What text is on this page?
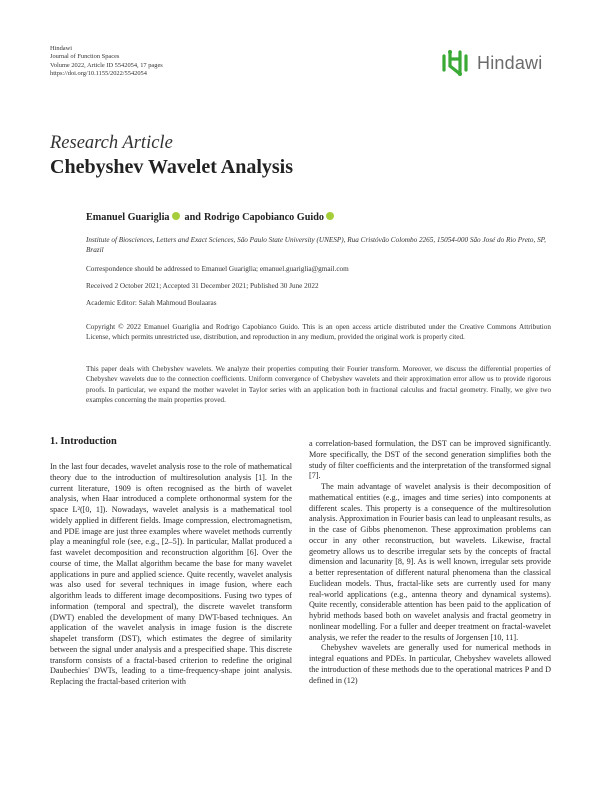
Hindawi
Journal of Function Spaces
Volume 2022, Article ID 5542054, 17 pages
https://doi.org/10.1155/2022/5542054
Hindawi
Research Article
Chebyshev Wavelet Analysis
Emanuel Guariglia and Rodrigo Capobianco Guido
Institute of Biosciences, Letters and Exact Sciences, São Paulo State University (UNESP), Rua Cristóvão Colombo 2265, 15054-000 São José do Rio Preto, SP, Brazil
Correspondence should be addressed to Emanuel Guariglia; emanuel.guariglia@gmail.com
Received 2 October 2021; Accepted 31 December 2021; Published 30 June 2022
Academic Editor: Salah Mahmoud Boulaaras
Copyright © 2022 Emanuel Guariglia and Rodrigo Capobianco Guido. This is an open access article distributed under the Creative Commons Attribution License, which permits unrestricted use, distribution, and reproduction in any medium, provided the original work is properly cited.
This paper deals with Chebyshev wavelets. We analyze their properties computing their Fourier transform. Moreover, we discuss the differential properties of Chebyshev wavelets due to the connection coefficients. Uniform convergence of Chebyshev wavelets and their approximation error allow us to provide rigorous proofs. In particular, we expand the mother wavelet in Taylor series with an application both in fractional calculus and fractal geometry. Finally, we give two examples concerning the main properties proved.
1. Introduction

In the last four decades, wavelet analysis rose to the role of mathematical theory due to the introduction of multiresolution analysis [1]. In the current literature, 1909 is often recognised as the birth of wavelet analysis, when Haar introduced a complete orthonormal system for the space L²([0, 1]). Nowadays, wavelet analysis is a mathematical tool widely applied in different fields. Image compression, electromagnetism, and PDE image are just three examples where wavelet methods currently play a meaningful role (see, e.g., [2–5]). In particular, Mallat produced a fast wavelet decomposition and reconstruction algorithm [6]. Over the course of time, the Mallat algorithm became the base for many wavelet applications in pure and applied science. Quite recently, wavelet analysis was also used for several techniques in image fusion, where each algorithm leads to different image decompositions. Fusing two types of information (temporal and spectral), the discrete wavelet transform (DWT) enabled the development of many DWT-based techniques. An application of the wavelet analysis in image fusion is the discrete shapelet transform (DST), which estimates the degree of similarity between the signal under analysis and a prespecified shape. This discrete transform consists of a fractal-based criterion to redefine the original Daubechies' DWTs, leading to a time-frequency-shape joint analysis. Replacing the fractal-based criterion with

a correlation-based formulation, the DST can be improved significantly. More specifically, the DST of the second generation simplifies both the study of filter coefficients and the interpretation of the transformed signal [7].

The main advantage of wavelet analysis is their decomposition of mathematical entities (e.g., images and time series) into components at different scales. This property is a consequence of the multiresolution analysis. Approximation in Fourier basis can lead to unpleasant results, as in the case of Gibbs phenomenon. These approximation problems can occur in any other reconstruction, but wavelets. Likewise, fractal geometry allows us to describe irregular sets by the concepts of fractal dimension and lacunarity [8, 9]. As is well known, irregular sets provide a better representation of different natural phenomena than the classical Euclidean models. Thus, fractal-like sets are currently used for many real-world applications (e.g., antenna theory and dynamical systems). Quite recently, considerable attention has been paid to the application of hybrid methods based both on wavelet analysis and fractal geometry in nonlinear modelling. For a fuller and deeper treatment on fractal-wavelet analysis, we refer the reader to the results of Jorgensen [10, 11].

Chebyshev wavelets are generally used for numerical methods in integral equations and PDEs. In particular, Chebyshev wavelets allowed the introduction of these methods due to the operational matrices P and D defined in (12)
